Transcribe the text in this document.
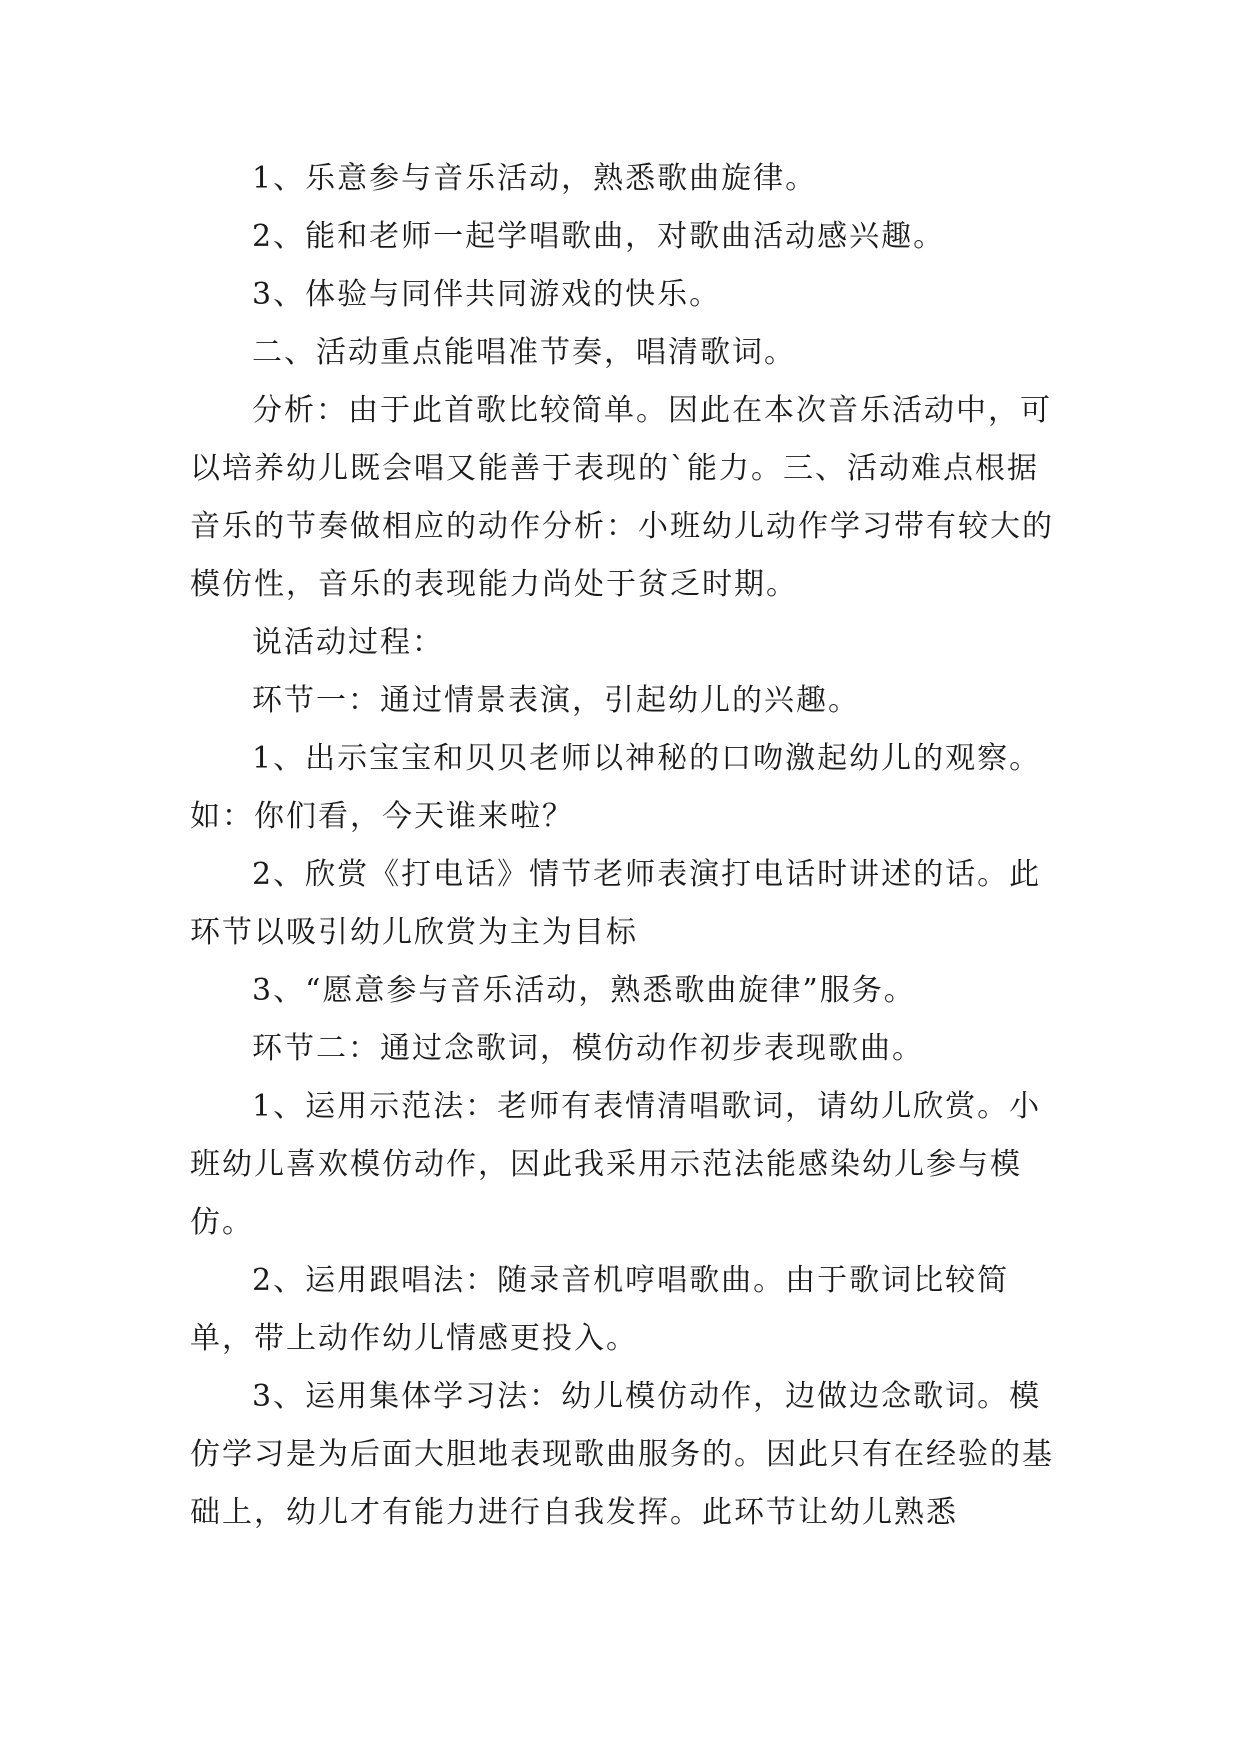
1、乐意参与音乐活动，熟悉歌曲旋律。

2、能和老师一起学唱歌曲，对歌曲活动感兴趣。

3、体验与同伴共同游戏的快乐。

二、活动重点能唱准节奏，唱清歌词。

分析：由于此首歌比较简单。因此在本次音乐活动中，可以培养幼儿既会唱又能善于表现的`能力。三、活动难点根据音乐的节奏做相应的动作分析：小班幼儿动作学习带有较大的模仿性，音乐的表现能力尚处于贫乏时期。

说活动过程：

环节一：通过情景表演，引起幼儿的兴趣。

1、出示宝宝和贝贝老师以神秘的口吻激起幼儿的观察。如：你们看，今天谁来啦？

2、欣赏《打电话》情节老师表演打电话时讲述的话。此环节以吸引幼儿欣赏为主为目标

3、“愿意参与音乐活动，熟悉歌曲旋律”服务。

环节二：通过念歌词，模仿动作初步表现歌曲。

1、运用示范法：老师有表情清唱歌词，请幼儿欣赏。小班幼儿喜欢模仿动作，因此我采用示范法能感染幼儿参与模仿。

2、运用跟唱法：随录音机哼唱歌曲。由于歌词比较简单，带上动作幼儿情感更投入。

3、运用集体学习法：幼儿模仿动作，边做边念歌词。模仿学习是为后面大胆地表现歌曲服务的。因此只有在经验的基础上，幼儿才有能力进行自我发挥。此环节让幼儿熟悉
